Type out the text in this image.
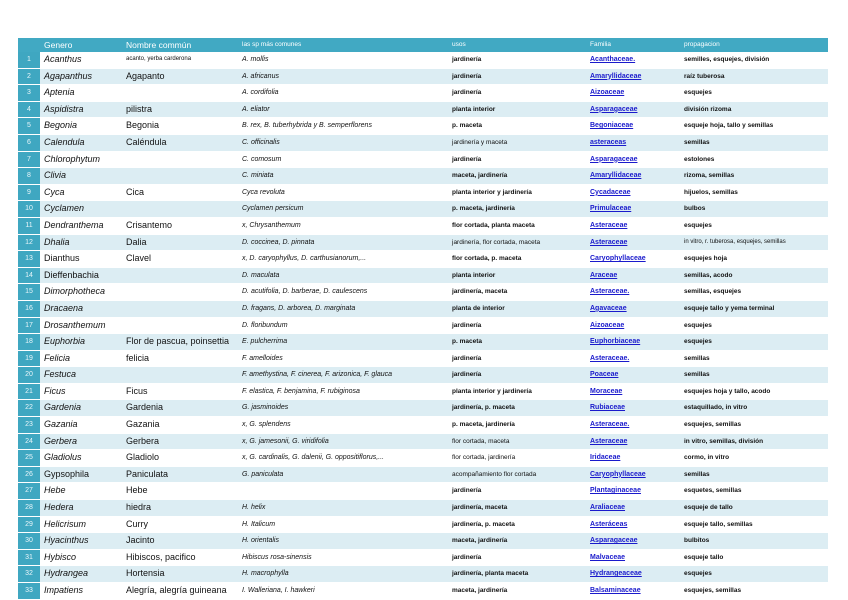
	Genero	Nombre commún	las sp más comunes	usos	Familia	propagacion
1	Acanthus	acanto, yerba carderona	A. mollis	jardinería	Acanthaceae.	semilles, esquejes, división
2	Agapanthus	Agapanto	A. africanus	jardinería	Amaryllidaceae	raíz tuberosa
3	Aptenia		A. cordifolia	jardinería	Aizoaceae	esquejes
4	Aspidistra	pilistra	A. eliator	planta interior	Asparagaceae	división rizoma
5	Begonia	Begonia	B. rex, B. tuberhybrida y B. semperflorens	p. maceta	Begoniaceae	esqueje hoja, tallo y semillas
6	Calendula	Caléndula	C. officinalis	jardinería y maceta	asteraceas	semillas
7	Chlorophytum		C. comosum	jardinería	Asparagaceae	estolones
8	Clivia		C. miniata	maceta, jardinería	Amaryllidaceae	rizoma, semillas
9	Cyca	Cica	Cyca revoluta	planta interior y jardinería	Cycadaceae	hijuelos, semillas
10	Cyclamen		Cyclamen persicum	p. maceta, jardinería	Primulaceae	bulbos
11	Dendranthema	Crisantemo	x, Chrysanthemum	flor cortada, planta maceta	Asteraceae	esquejes
12	Dhalia	Dalia	D. coccinea, D. pinnata	jardinería, flor cortada, maceta	Asteraceae	in vitro, r. tuberosa, esquejes, semillas
13	Dianthus	Clavel	x, D. caryophyllus, D. carthusianorum,...	flor cortada, p. maceta	Caryophyllaceae	esquejes hoja
14	Dieffenbachia		D. maculata	planta interior	Araceae	semillas, acodo
15	Dimorphotheca		D. acutifolia, D. barberae, D. caulescens	jardinería, maceta	Asteraceae.	semillas, esquejes
16	Dracaena		D. fragans, D. arborea, D. marginata	planta de interior	Agavaceae	esqueje tallo y yema terminal
17	Drosanthemum		D. floribundum	jardinería	Aizoaceae	esquejes
18	Euphorbia	Flor de pascua, poinsettia	E. pulcherrima	p. maceta	Euphorbiaceae	esquejes
19	Felicia	felicia	F. amelloides	jardinería	Asteraceae.	semillas
20	Festuca		F. amethystina, F. cinerea, F. arizonica, F. glauca	jardinería	Poaceae	semillas
21	Ficus	Ficus	F. elastica, F. benjamina, F. rubiginosa	planta interior y jardinería	Moraceae	esquejes hoja y tallo, acodo
22	Gardenia	Gardenia	G. jasminoides	jardinería, p. maceta	Rubiaceae	estaquillado, in vitro
23	Gazania	Gazania	x, G. splendens	p. maceta, jardinería	Asteraceae.	esquejes, semillas
24	Gerbera	Gerbera	x, G. jamesonii, G. viridifolia	flor cortada, maceta	Asteraceae	in vitro, semillas, división
25	Gladiolus	Gladiolo	x, G. cardinalis, G. dalenii, G. oppositiflorus,...	flor cortada, jardinería	Iridaceae	cormo, in vitro
26	Gypsophila	Paniculata	G. paniculata	acompañamiento flor cortada	Caryophyllaceae	semillas
27	Hebe	Hebe		jardinería	Plantaginaceae	esquetes, semillas
28	Hedera	hiedra	H. helix	jardinería, maceta	Araliaceae	esqueje de tallo
29	Helicrisum	Curry	H. Italicum	jardinería, p. maceta	Asteráceas	esqueje tallo, semillas
30	Hyacinthus	Jacinto	H. orientalis	maceta, jardinería	Asparagaceae	bulbitos
31	Hybisco	Hibiscos, pacifico	Hibiscus rosa-sinensis	jardinería	Malvaceae	esqueje tallo
32	Hydrangea	Hortensia	H. macrophylla	jardinería, planta maceta	Hydrangeaceae	esquejes
33	Impatiens	Alegría, alegría guineana	I. Walleriana, I. hawkeri	maceta, jardinería	Balsaminaceae	esquejes, semillas
